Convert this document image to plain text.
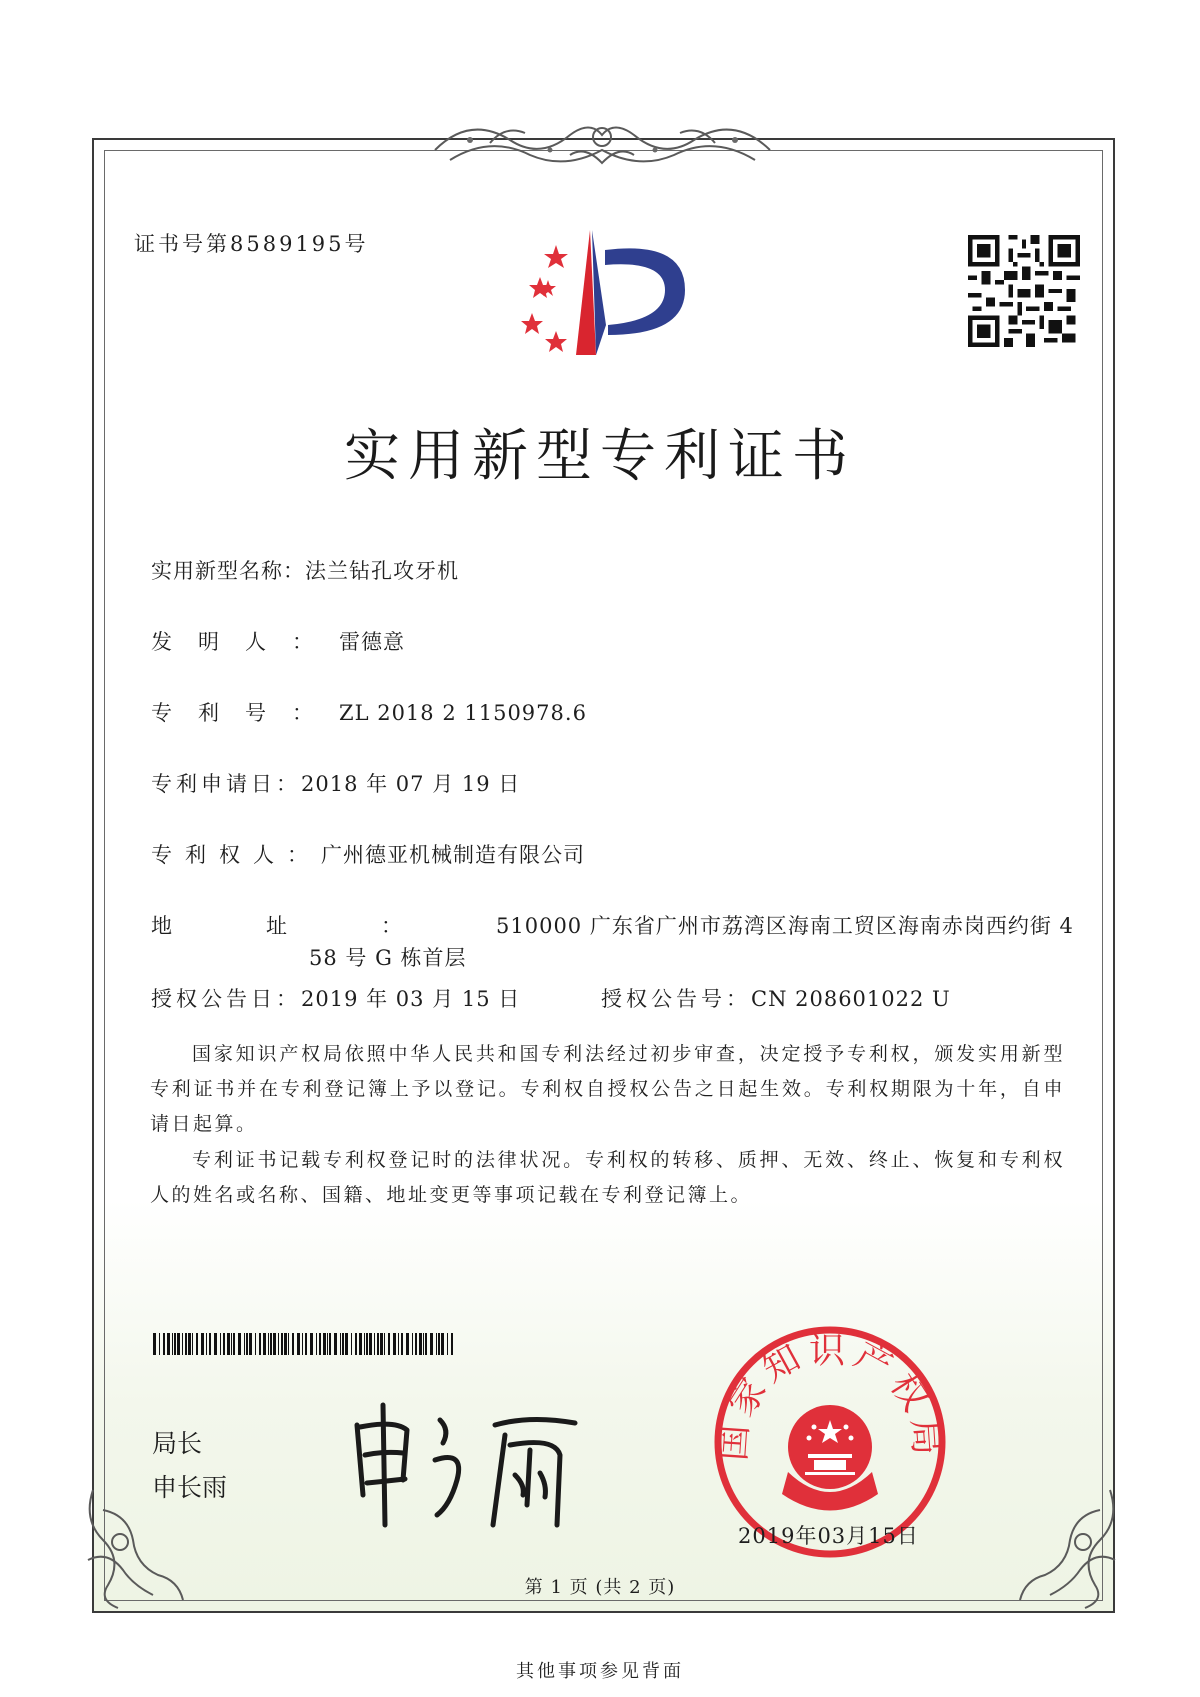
证书号第8589195号
实用新型专利证书
实用新型名称：法兰钻孔攻牙机
发明人：雷德意
专利号：ZL 2018 2 1150978.6
专利申请日：2018 年 07 月 19 日
专利权人：广州德亚机械制造有限公司
地址：510000 广东省广州市荔湾区海南工贸区海南赤岗西约街 4
58 号 G 栋首层
授权公告日：2019 年 03 月 15 日	授权公告号：CN 208601022 U
国家知识产权局依照中华人民共和国专利法经过初步审查，决定授予专利权，颁发实用新型专利证书并在专利登记簿上予以登记。专利权自授权公告之日起生效。专利权期限为十年，自申请日起算。
专利证书记载专利权登记时的法律状况。专利权的转移、质押、无效、终止、恢复和专利权人的姓名或名称、国籍、地址变更等事项记载在专利登记簿上。
局长
申长雨
国家知识产权局
2019年03月15日
第 1 页 (共 2 页)
其他事项参见背面
